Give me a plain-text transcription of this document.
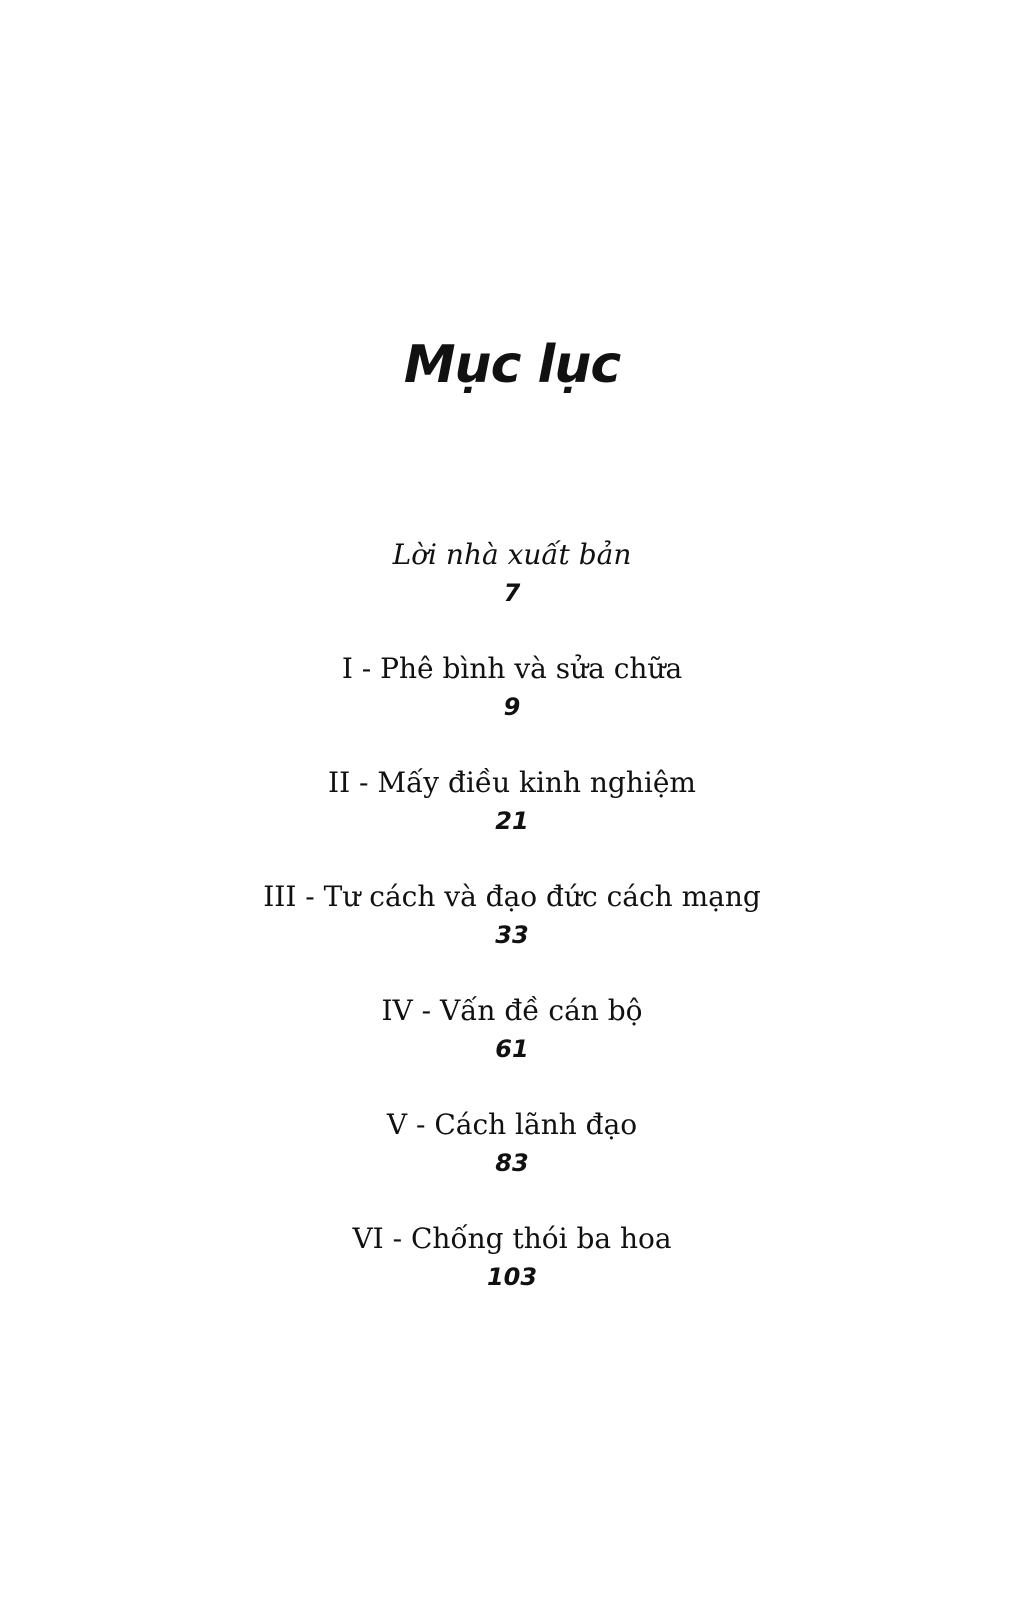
Mục lục
Lời nhà xuất bản
7
I - Phê bình và sửa chữa
9
II - Mấy điều kinh nghiệm
21
III - Tư cách và đạo đức cách mạng
33
IV - Vấn đề cán bộ
61
V - Cách lãnh đạo
83
VI - Chống thói ba hoa
103
